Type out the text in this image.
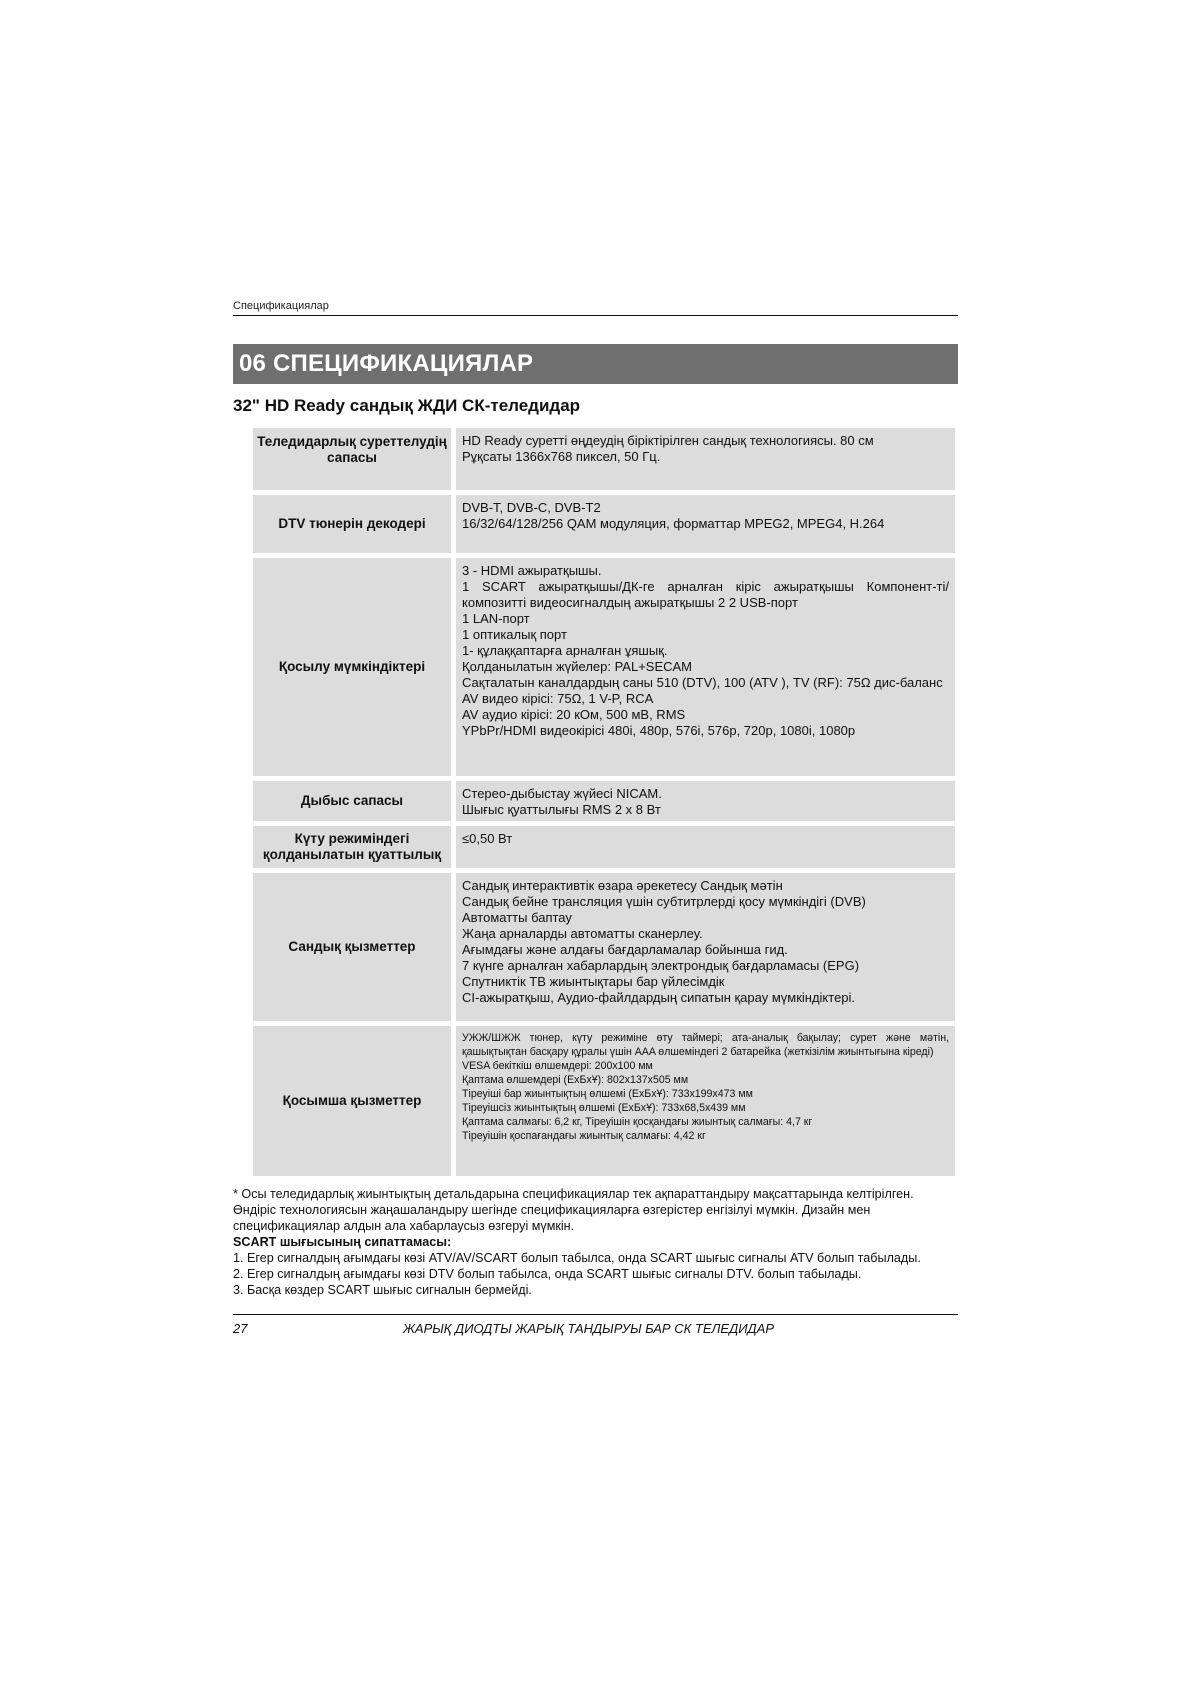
Спецификациялар
06 СПЕЦИФИКАЦИЯЛАР
32" HD Ready сандық ЖДИ СК-теледидар
Теледидарлық суреттелудің сапасы
HD Ready суретті өңдеудің біріктірілген сандық технологиясы. 80 см
Рұқсаты 1366x768 пиксел, 50 Гц.
DTV тюнерін декодері
DVB-T, DVB-C, DVB-T2
16/32/64/128/256 QAM модуляция, форматтар MPEG2, MPEG4, H.264
Қосылу мүмкіндіктері
3 - HDMI ажыратқышы.
1 SCART ажыратқышы/ДК-ге арналған кіріс ажыратқышы Компонент-ті/композитті видеосигналдың ажыратқышы 2 2 USB-порт
1 LAN-порт
1 оптикалық порт
1- құлаққаптарға арналған ұяшық.
Қолданылатын жүйелер: PAL+SECAM
Сақталатын каналдардың саны 510 (DTV), 100 (ATV ), TV (RF): 75Ω дис-баланс
AV видео кірісі: 75Ω, 1 V-P, RCA
AV аудио кірісі: 20 кОм, 500 мВ, RMS
YPbPr/HDMI видеокірісі 480i, 480p, 576i, 576p, 720p, 1080i, 1080p
Дыбыс сапасы	Стерео-дыбыстау жүйесі NICAM.
Шығыс қуаттылығы RMS 2 x 8 Вт
Күту режиміндегі қолданылатын қуаттылық
≤0,50 Вт
Сандық қызметтер
Сандық интерактивтік өзара әрекетесу Сандық мәтін
Сандық бейне трансляция үшін субтитрлерді қосу мүмкіндігі (DVB)
Автоматты баптау
Жаңа арналарды автоматты сканерлеу.
Ағымдағы және алдағы бағдарламалар бойынша гид.
7 күнге арналған хабарлардың электрондық бағдарламасы (EPG)
Спутниктік ТВ жиынтықтары бар үйлесімдік
CI-ажыратқыш, Аудио-файлдардың сипатын қарау мүмкіндіктері.
Қосымша қызметтер
УЖЖ/ШЖЖ тюнер, күту режиміне өту таймері; ата-аналық бақылау; сурет және мәтін, қашықтықтан басқару құралы үшін AAA өлшеміндегі 2 батарейка (жеткізілім жиынтығына кіреді)
VESA бекіткіш өлшемдері: 200x100 мм
Қаптама өлшемдері (ЕxБxҰ): 802x137x505 мм
Тіреуіші бар жиынтықтың өлшемі (ЕxБxҰ): 733x199x473 мм
Тіреуішсіз жиынтықтың өлшемі (ЕxБxҰ): 733x68,5x439 мм
Қаптама салмағы: 6,2 кг, Тіреуішін қосқандағы жиынтық салмағы: 4,7 кг
Тіреуішін қоспағандағы жиынтық салмағы: 4,42 кг

* Осы теледидарлық жиынтықтың детальдарына спецификациялар тек ақпараттандыру мақсаттарында келтірілген. Өндіріс технологиясын жаңашаландыру шегінде спецификацияларға өзгерістер енгізілуі мүмкін. Дизайн мен спецификациялар алдын ала хабарлаусыз өзгеруі мүмкін.

SCART шығысының сипаттамасы:

1. Егер сигналдың ағымдағы көзі ATV/AV/SCART болып табылса, онда SCART шығыс сигналы ATV болып табылады.

2. Егер сигналдың ағымдағы көзі DTV болып табылса, онда SCART шығыс сигналы DTV. болып табылады.

3. Басқа көздер SCART шығыс сигналын бермейді.

27	ЖАРЫҚ ДИОДТЫ ЖАРЫҚ ТАНДЫРУЫ БАР СК ТЕЛЕДИДАР
